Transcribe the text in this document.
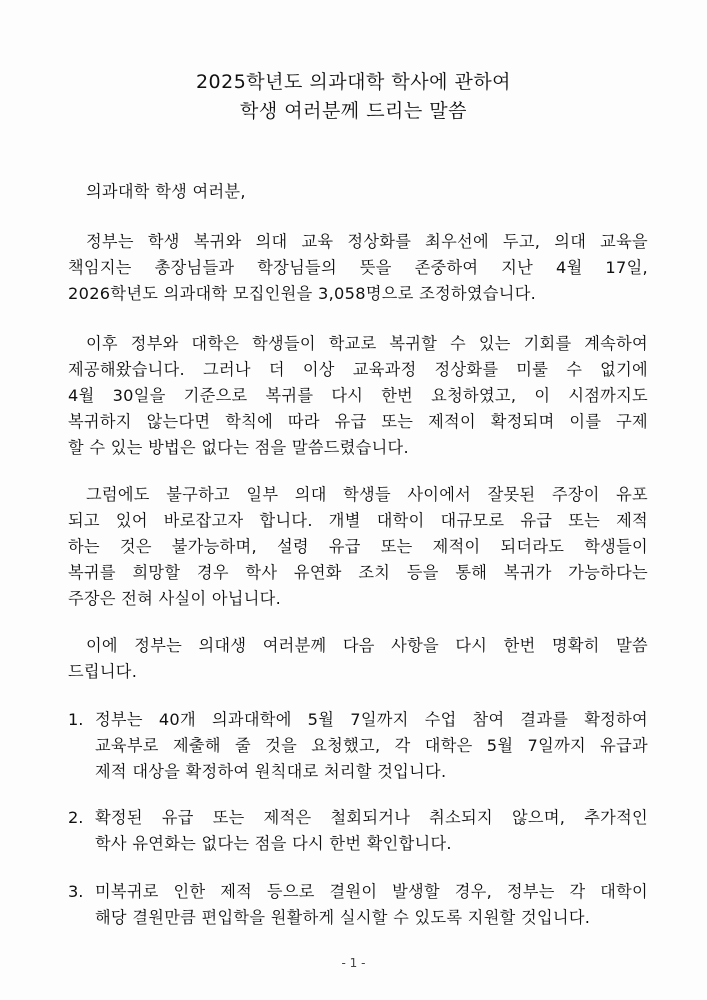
2025학년도 의과대학 학사에 관하여
학생 여러분께 드리는 말씀
의과대학 학생 여러분,
정부는 학생 복귀와 의대 교육 정상화를 최우선에 두고, 의대 교육을
책임지는 총장님들과 학장님들의 뜻을 존중하여 지난 4월 17일,
2026학년도 의과대학 모집인원을 3,058명으로 조정하였습니다.
이후 정부와 대학은 학생들이 학교로 복귀할 수 있는 기회를 계속하여
제공해왔습니다. 그러나 더 이상 교육과정 정상화를 미룰 수 없기에
4월 30일을 기준으로 복귀를 다시 한번 요청하였고, 이 시점까지도
복귀하지 않는다면 학칙에 따라 유급 또는 제적이 확정되며 이를 구제
할 수 있는 방법은 없다는 점을 말씀드렸습니다.
그럼에도 불구하고 일부 의대 학생들 사이에서 잘못된 주장이 유포
되고 있어 바로잡고자 합니다. 개별 대학이 대규모로 유급 또는 제적
하는 것은 불가능하며, 설령 유급 또는 제적이 되더라도 학생들이
복귀를 희망할 경우 학사 유연화 조치 등을 통해 복귀가 가능하다는
주장은 전혀 사실이 아닙니다.
이에 정부는 의대생 여러분께 다음 사항을 다시 한번 명확히 말씀
드립니다.
1. 정부는 40개 의과대학에 5월 7일까지 수업 참여 결과를 확정하여
교육부로 제출해 줄 것을 요청했고, 각 대학은 5월 7일까지 유급과
제적 대상을 확정하여 원칙대로 처리할 것입니다.
2. 확정된 유급 또는 제적은 철회되거나 취소되지 않으며, 추가적인
학사 유연화는 없다는 점을 다시 한번 확인합니다.
3. 미복귀로 인한 제적 등으로 결원이 발생할 경우, 정부는 각 대학이
해당 결원만큼 편입학을 원활하게 실시할 수 있도록 지원할 것입니다.
- 1 -
